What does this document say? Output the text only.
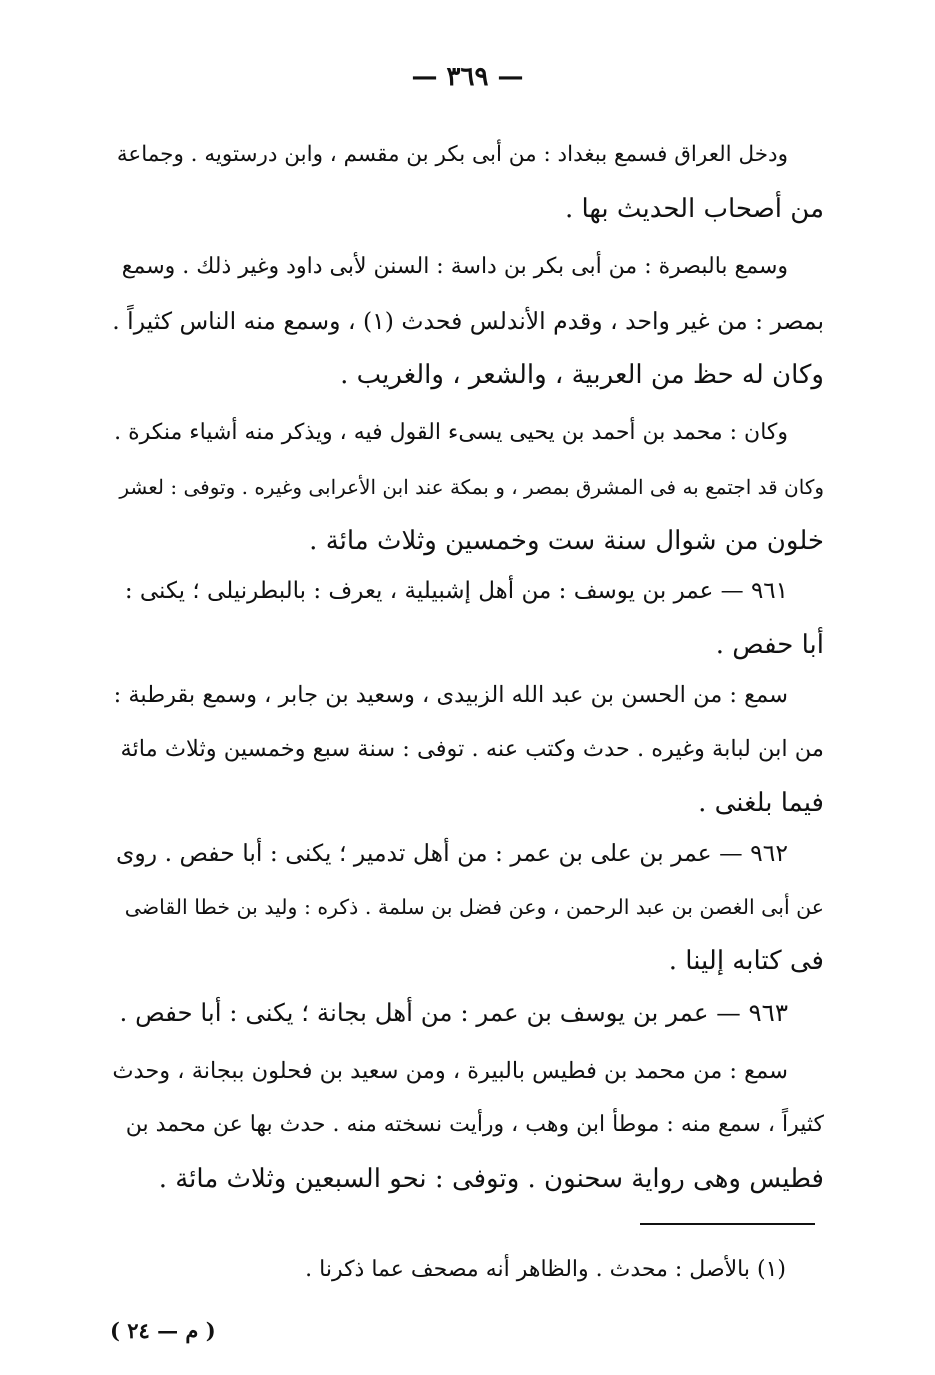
— ٣٦٩ —
ودخل العراق فسمع ببغداد : من أبى بكر بن مقسم ، وابن درستويه . وجماعة
من أصحاب الحديث بها .
وسمع بالبصرة : من أبى بكر بن داسة : السنن لأبى داود وغير ذلك . وسمع
بمصر : من غير واحد ، وقدم الأندلس فحدث (١) ، وسمع منه الناس كثيراً .
وكان له حظ من العربية ، والشعر ، والغريب .
وكان : محمد بن أحمد بن يحيى يسىء القول فيه ، ويذكر منه أشياء منكرة .
وكان قد اجتمع به فى المشرق بمصر ، و بمكة عند ابن الأعرابى وغيره . وتوفى : لعشر
خلون من شوال سنة ست وخمسين وثلاث مائة .
٩٦١ — عمر بن يوسف : من أهل إشبيلية ، يعرف : بالبطرنيلى ؛ يكنى :
أبا حفص .
سمع : من الحسن بن عبد الله الزبيدى ، وسعيد بن جابر ، وسمع بقرطبة :
من ابن لبابة وغيره . حدث وكتب عنه . توفى : سنة سبع وخمسين وثلاث مائة
فيما بلغنى .
٩٦٢ — عمر بن على بن عمر : من أهل تدمير ؛ يكنى : أبا حفص . روى
عن أبى الغصن بن عبد الرحمن ، وعن فضل بن سلمة . ذكره : وليد بن خطا القاضى
فى كتابه إلينا .
٩٦٣ — عمر بن يوسف بن عمر : من أهل بجانة ؛ يكنى : أبا حفص .
سمع : من محمد بن فطيس بالبيرة ، ومن سعيد بن فحلون ببجانة ، وحدث
كثيراً ، سمع منه : موطأ ابن وهب ، ورأيت نسخته منه . حدث بها عن محمد بن
فطيس وهى رواية سحنون . وتوفى : نحو السبعين وثلاث مائة .
(١) بالأصل : محدث . والظاهر أنه مصحف عما ذكرنا .
( م — ٢٤ )
